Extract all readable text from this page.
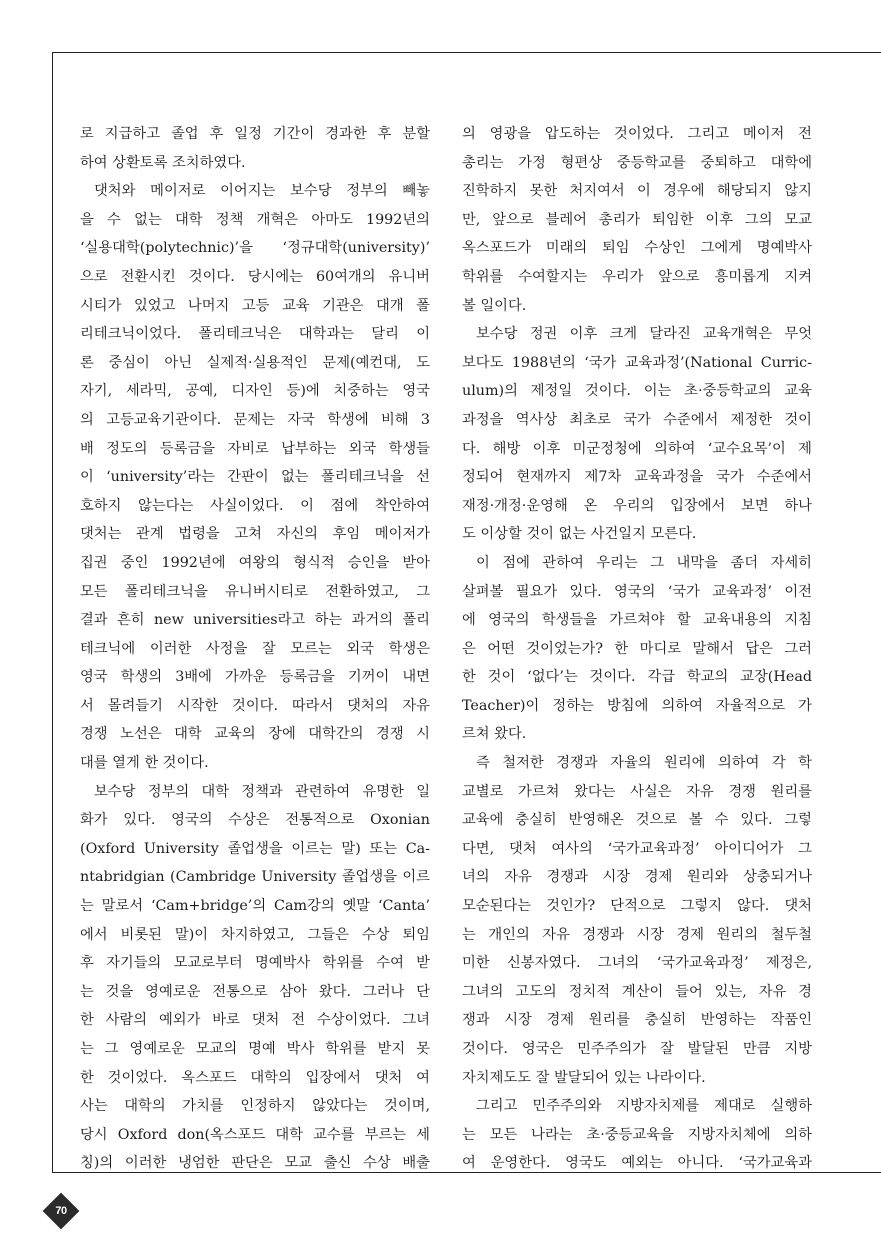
로 지급하고 졸업 후 일정 기간이 경과한 후 분할
하여 상환토록 조치하였다.
댓처와 메이저로 이어지는 보수당 정부의 빼놓
을 수 없는 대학 정책 개혁은 아마도 1992년의
‘실용대학(polytechnic)’을 ‘정규대학(university)’
으로 전환시킨 것이다. 당시에는 60여개의 유니버
시티가 있었고 나머지 고등 교육 기관은 대개 폴
리테크닉이었다. 폴리테크닉은 대학과는 달리 이
론 중심이 아닌 실제적·실용적인 문제(예컨대, 도
자기, 세라믹, 공예, 디자인 등)에 치중하는 영국
의 고등교육기관이다. 문제는 자국 학생에 비해 3
배 정도의 등록금을 자비로 납부하는 외국 학생들
이 ‘university’라는 간판이 없는 폴리테크닉을 선
호하지 않는다는 사실이었다. 이 점에 착안하여
댓처는 관계 법령을 고쳐 자신의 후임 메이저가
집권 중인 1992년에 여왕의 형식적 승인을 받아
모든 폴리테크닉을 유니버시티로 전환하였고, 그
결과 흔히 new universities라고 하는 과거의 폴리
테크닉에 이러한 사정을 잘 모르는 외국 학생은
영국 학생의 3배에 가까운 등록금을 기꺼이 내면
서 몰려들기 시작한 것이다. 따라서 댓처의 자유
경쟁 노선은 대학 교육의 장에 대학간의 경쟁 시
대를 열게 한 것이다.
보수당 정부의 대학 정책과 관련하여 유명한 일
화가 있다. 영국의 수상은 전통적으로 Oxonian
(Oxford University 졸업생을 이르는 말) 또는 Ca-
ntabridgian (Cambridge University 졸업생을 이르
는 말로서 ‘Cam+bridge’의 Cam강의 옛말 ‘Canta’
에서 비롯된 말)이 차지하였고, 그들은 수상 퇴임
후 자기들의 모교로부터 명예박사 학위를 수여 받
는 것을 영예로운 전통으로 삼아 왔다. 그러나 단
한 사람의 예외가 바로 댓처 전 수상이었다. 그녀
는 그 영예로운 모교의 명예 박사 학위를 받지 못
한 것이었다. 옥스포드 대학의 입장에서 댓처 여
사는 대학의 가치를 인정하지 않았다는 것이며,
당시 Oxford don(옥스포드 대학 교수를 부르는 세
칭)의 이러한 냉엄한 판단은 모교 출신 수상 배출
의 영광을 압도하는 것이었다. 그리고 메이저 전
총리는 가정 형편상 중등학교를 중퇴하고 대학에
진학하지 못한 처지여서 이 경우에 해당되지 않지
만, 앞으로 블레어 총리가 퇴임한 이후 그의 모교
옥스포드가 미래의 퇴임 수상인 그에게 명예박사
학위를 수여할지는 우리가 앞으로 흥미롭게 지켜
볼 일이다.
보수당 정권 이후 크게 달라진 교육개혁은 무엇
보다도 1988년의 ‘국가 교육과정’(National Curric-
ulum)의 제정일 것이다. 이는 초·중등학교의 교육
과정을 역사상 최초로 국가 수준에서 제정한 것이
다. 해방 이후 미군정청에 의하여 ‘교수요목’이 제
정되어 현재까지 제7차 교육과정을 국가 수준에서
재정·개정·운영해 온 우리의 입장에서 보면 하나
도 이상할 것이 없는 사건일지 모른다.
이 점에 관하여 우리는 그 내막을 좀더 자세히
살펴볼 필요가 있다. 영국의 ‘국가 교육과정’ 이전
에 영국의 학생들을 가르쳐야 할 교육내용의 지침
은 어떤 것이었는가? 한 마디로 말해서 답은 그러
한 것이 ‘없다’는 것이다. 각급 학교의 교장(Head
Teacher)이 정하는 방침에 의하여 자율적으로 가
르쳐 왔다.
즉 철저한 경쟁과 자율의 원리에 의하여 각 학
교별로 가르쳐 왔다는 사실은 자유 경쟁 원리를
교육에 충실히 반영해온 것으로 볼 수 있다. 그렇
다면, 댓처 여사의 ‘국가교육과정’ 아이디어가 그
녀의 자유 경쟁과 시장 경제 원리와 상충되거나
모순된다는 것인가? 단적으로 그렇지 않다. 댓처
는 개인의 자유 경쟁과 시장 경제 원리의 철두철
미한 신봉자였다. 그녀의 ‘국가교육과정’ 제정은,
그녀의 고도의 정치적 계산이 들어 있는, 자유 경
쟁과 시장 경제 원리를 충실히 반영하는 작품인
것이다. 영국은 민주주의가 잘 발달된 만큼 지방
자치제도도 잘 발달되어 있는 나라이다.
그리고 민주주의와 지방자치제를 제대로 실행하
는 모든 나라는 초·중등교육을 지방자치체에 의하
여 운영한다. 영국도 예외는 아니다. ‘국가교육과
70
